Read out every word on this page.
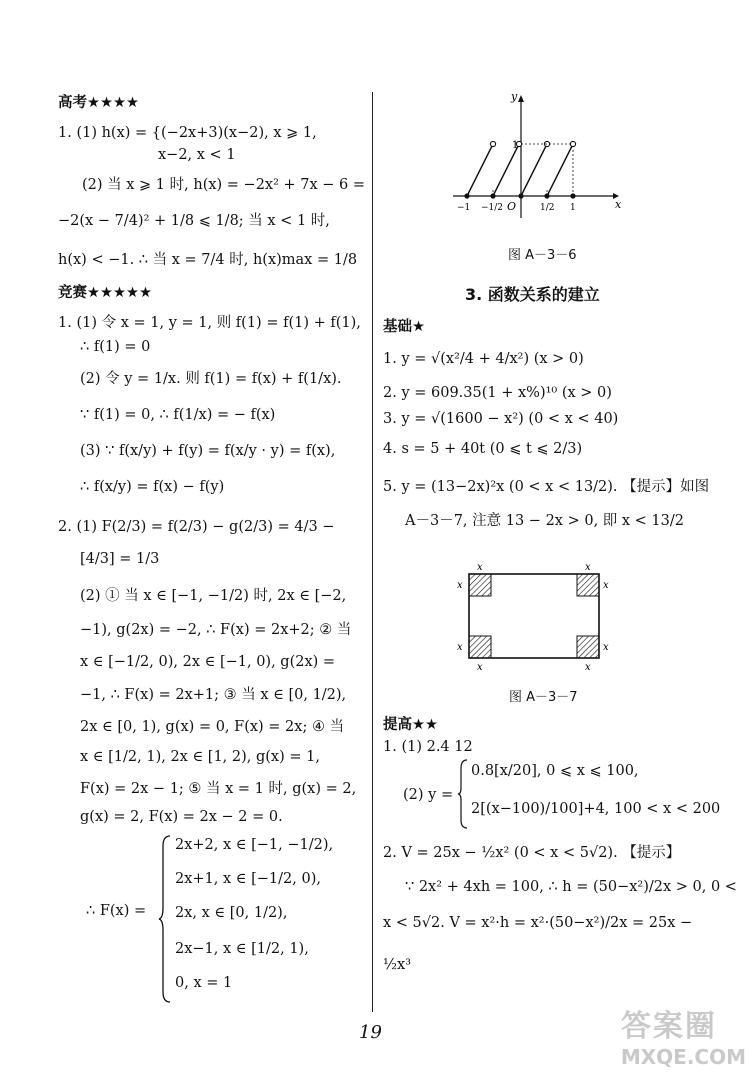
高考★★★★
1. (1) h(x) = {(−2x+3)(x−2), x ⩾ 1,
x−2, x < 1
(2) 当 x ⩾ 1 时, h(x) = −2x² + 7x − 6 =
−2(x − 7/4)² + 1/8 ⩽ 1/8; 当 x < 1 时,
h(x) < −1. ∴ 当 x = 7/4 时, h(x)max = 1/8
竞赛★★★★★
1. (1) 令 x = 1, y = 1, 则 f(1) = f(1) + f(1),
∴ f(1) = 0
(2) 令 y = 1/x. 则 f(1) = f(x) + f(1/x).
∵ f(1) = 0, ∴ f(1/x) = − f(x)
(3) ∵ f(x/y) + f(y) = f(x/y · y) = f(x),
∴ f(x/y) = f(x) − f(y)
2. (1) F(2/3) = f(2/3) − g(2/3) = 4/3 −
[4/3] = 1/3
(2) ① 当 x ∈ [−1, −1/2) 时, 2x ∈ [−2,
−1), g(2x) = −2, ∴ F(x) = 2x+2; ② 当
x ∈ [−1/2, 0), 2x ∈ [−1, 0), g(2x) =
−1, ∴ F(x) = 2x+1; ③ 当 x ∈ [0, 1/2),
2x ∈ [0, 1), g(x) = 0, F(x) = 2x; ④ 当
x ∈ [1/2, 1), 2x ∈ [1, 2), g(x) = 1,
F(x) = 2x − 1; ⑤ 当 x = 1 时, g(x) = 2,
g(x) = 2, F(x) = 2x − 2 = 0.
∴ F(x) =
2x+2, x ∈ [−1, −1/2),
2x+1, x ∈ [−1/2, 0),
2x, x ∈ [0, 1/2),
2x−1, x ∈ [1/2, 1),
0, x = 1
y
x
O
1
−1 −1/2	1/2 1
图 A－3－6
3. 函数关系的建立
基础★
1. y = √(x²/4 + 4/x²) (x > 0)
2. y = 609.35(1 + x%)¹⁰ (x > 0)
3. y = √(1600 − x²) (0 < x < 40)
4. s = 5 + 40t (0 ⩽ t ⩽ 2/3)
5. y = (13−2x)²x (0 < x < 13/2). 【提示】如图
A－3－7, 注意 13 − 2x > 0, 即 x < 13/2
x
x
x
x
x
x
x
x
图 A－3－7
提高★★
1. (1) 2.4 12
(2) y =
0.8[x/20], 0 ⩽ x ⩽ 100,
2[(x−100)/100]+4, 100 < x < 200
2. V = 25x − ½x² (0 < x < 5√2). 【提示】
∵ 2x² + 4xh = 100, ∴ h = (50−x²)/2x > 0, 0 <
x < 5√2. V = x²·h = x²·(50−x²)/2x = 25x −
½x³
19	答案圈
MXQE.COM
